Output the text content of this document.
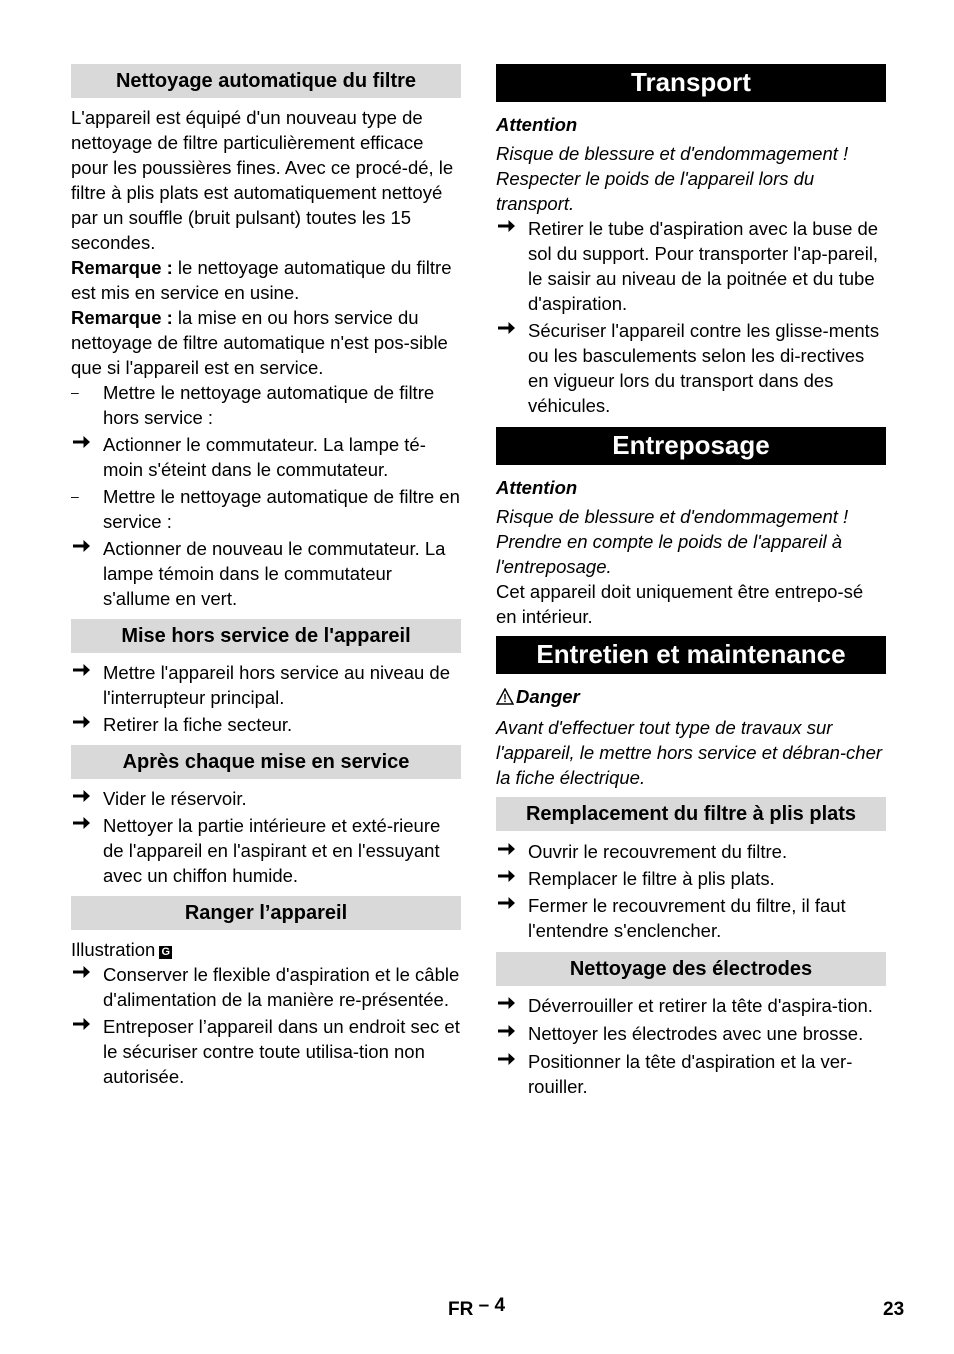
Nettoyage automatique du filtre

L'appareil est équipé d'un nouveau type de nettoyage de filtre particulièrement efficace pour les poussières fines. Avec ce procé-dé, le filtre à plis plats est automatiquement nettoyé par un souffle (bruit pulsant) toutes les 15 secondes.

Remarque : le nettoyage automatique du filtre est mis en service en usine.

Remarque : la mise en ou hors service du nettoyage de filtre automatique n'est pos-sible que si l'appareil est en service.

–	Mettre le nettoyage automatique de filtre hors service :
Actionner le commutateur. La lampe té-moin s'éteint dans le commutateur.
–	Mettre le nettoyage automatique de filtre en service :
Actionner de nouveau le commutateur. La lampe témoin dans le commutateur s'allume en vert.
Mise hors service de l'appareil
Mettre l'appareil hors service au niveau de l'interrupteur principal.
Retirer la fiche secteur.
Après chaque mise en service
Vider le réservoir.
Nettoyer la partie intérieure et exté-rieure de l'appareil en l'aspirant et en l'essuyant avec un chiffon humide.
Ranger l’appareil

Illustration G

Conserver le flexible d'aspiration et le câble d'alimentation de la manière re-présentée.
Entreposer l’appareil dans un endroit sec et le sécuriser contre toute utilisa-tion non autorisée.
Transport

Attention

Risque de blessure et d'endommagement ! Respecter le poids de l'appareil lors du transport.

Retirer le tube d'aspiration avec la buse de sol du support. Pour transporter l'ap-pareil, le saisir au niveau de la poitnée et du tube d'aspiration.
Sécuriser l'appareil contre les glisse-ments ou les basculements selon les di-rectives en vigueur lors du transport dans des véhicules.
Entreposage

Attention

Risque de blessure et d'endommagement ! Prendre en compte le poids de l'appareil à l'entreposage.

Cet appareil doit uniquement être entrepo-sé en intérieur.

Entretien et maintenance

Danger

Avant d'effectuer tout type de travaux sur l'appareil, le mettre hors service et débran-cher la fiche électrique.

Remplacement du filtre à plis plats
Ouvrir le recouvrement du filtre.
Remplacer le filtre à plis plats.
Fermer le recouvrement du filtre, il faut l'entendre s'enclencher.
Nettoyage des électrodes
Déverrouiller et retirer la tête d'aspira-tion.
Nettoyer les électrodes avec une brosse.
Positionner la tête d'aspiration et la ver-rouiller.
FR – 4	23
